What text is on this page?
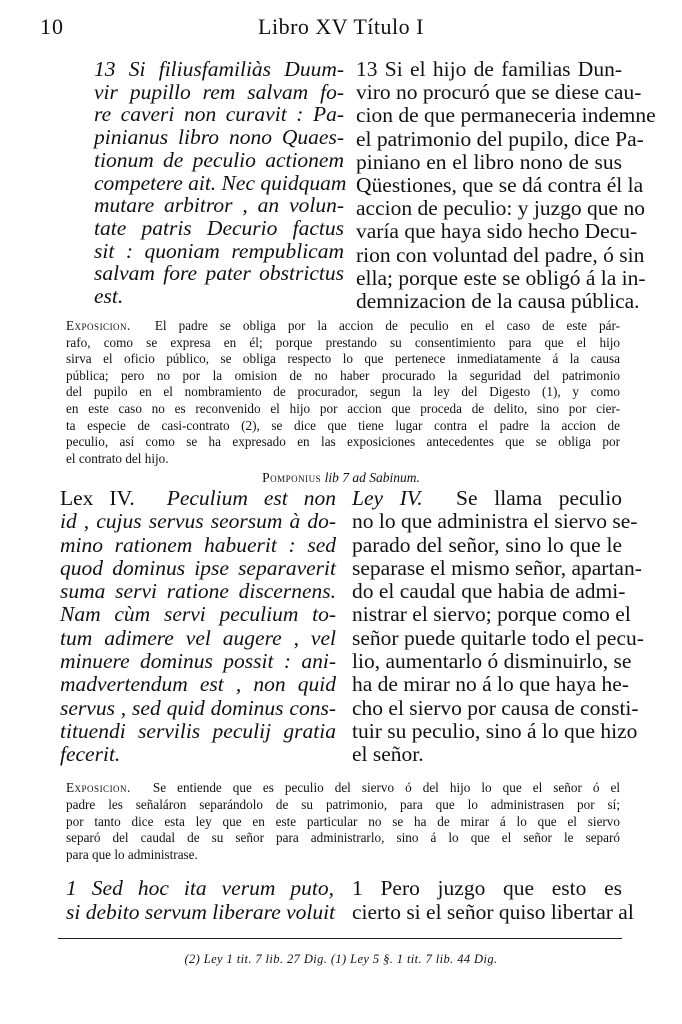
10	Libro XV Título I
13 Si filiusfamiliàs Duum-
vir pupillo rem salvam fo-
re caveri non curavit : Pa-
pinianus libro nono Quaes-
tionum de peculio actionem
competere ait. Nec quidquam
mutare arbitror , an volun-
tate patris Decurio factus
sit : quoniam rempublicam
salvam fore pater obstrictus
est.
13 Si el hijo de familias Dun-
viro no procuró que se diese cau-
cion de que permaneceria indemne
el patrimonio del pupilo, dice Pa-
piniano en el libro nono de sus
Qüestiones, que se dá contra él la
accion de peculio: y juzgo que no
varía que haya sido hecho Decu-
rion con voluntad del padre, ó sin
ella; porque este se obligó á la in-
demnizacion de la causa pública.
Exposicion. El padre se obliga por la accion de peculio en el caso de este pár-
rafo, como se expresa en él; porque prestando su consentimiento para que el hijo
sirva el oficio público, se obliga respecto lo que pertenece inmediatamente á la causa
pública; pero no por la omision de no haber procurado la seguridad del patrimonio
del pupilo en el nombramiento de procurador, segun la ley del Digesto (1), y como
en este caso no es reconvenido el hijo por accion que proceda de delito, sino por cier-
ta especie de casi-contrato (2), se dice que tiene lugar contra el padre la accion de
peculio, así como se ha expresado en las exposiciones antecedentes que se obliga por
el contrato del hijo.
Pomponius lib 7 ad Sabinum.
Lex IV. Peculium est non
id , cujus servus seorsum à do-
mino rationem habuerit : sed
quod dominus ipse separaverit
suma servi ratione discernens.
Nam cùm servi peculium to-
tum adimere vel augere , vel
minuere dominus possit : ani-
madvertendum est , non quid
servus , sed quid dominus cons-
tituendi servilis peculij gratia
fecerit.
Ley IV. Se llama peculio
no lo que administra el siervo se-
parado del señor, sino lo que le
separase el mismo señor, apartan-
do el caudal que habia de admi-
nistrar el siervo; porque como el
señor puede quitarle todo el pecu-
lio, aumentarlo ó disminuirlo, se
ha de mirar no á lo que haya he-
cho el siervo por causa de consti-
tuir su peculio, sino á lo que hizo
el señor.
Exposicion. Se entiende que es peculio del siervo ó del hijo lo que el señor ó el
padre les señaláron separándolo de su patrimonio, para que lo administrasen por sí;
por tanto dice esta ley que en este particular no se ha de mirar á lo que el siervo
separó del caudal de su señor para administrarlo, sino á lo que el señor le separó
para que lo administrase.
1 Sed hoc ita verum puto,
si debito servum liberare voluit
1 Pero juzgo que esto es
cierto si el señor quiso libertar al
(2) Ley 1 tit. 7 lib. 27 Dig. (1) Ley 5 §. 1 tit. 7 lib. 44 Dig.
